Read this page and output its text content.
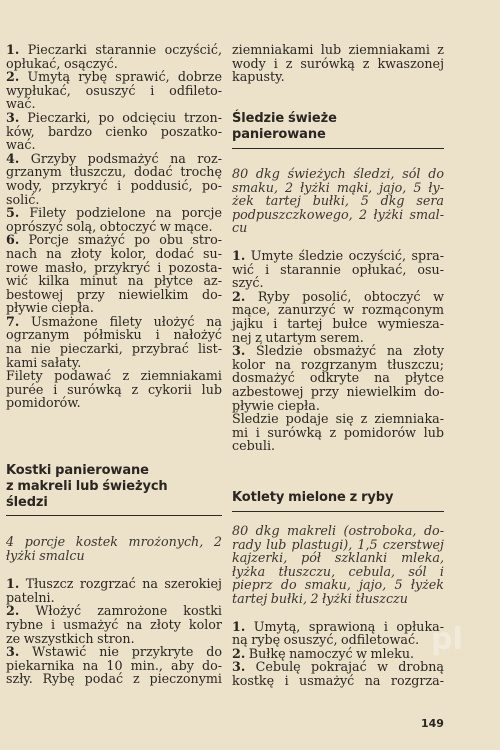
1. Pieczarki starannie oczyścić,
opłukać, osączyć.

2. Umytą rybę sprawić, dobrze
wypłukać, osuszyć i odfileto-
wać.

3. Pieczarki, po odcięciu trzon-
ków, bardzo cienko poszatko-
wać.

4. Grzyby podsmażyć na roz-
grzanym tłuszczu, dodać trochę
wody, przykryć i poddusić, po-
solić.

5. Filety podzielone na porcje
oprószyć solą, obtoczyć w mące.

6. Porcje smażyć po obu stro-
nach na złoty kolor, dodać su-
rowe masło, przykryć i pozosta-
wić kilka minut na płytce az-
bestowej przy niewielkim do-
pływie ciepła.

7. Usmażone filety ułożyć na
ogrzanym półmisku i nałożyć
na nie pieczarki, przybrać list-
kami sałaty.

Filety podawać z ziemniakami
purée i surówką z cykorii lub
pomidorów.

Kostki panierowane
z makreli lub świeżych
śledzi

4 porcje kostek mrożonych, 2
łyżki smalcu

1. Tłuszcz rozgrzać na szerokiej
patelni.

2. Włożyć zamrożone kostki
rybne i usmażyć na złoty kolor
ze wszystkich stron.

3. Wstawić nie przykryte do
piekarnika na 10 min., aby do-
szły. Rybę podać z pieczonymi

ziemniakami lub ziemniakami z
wody i z surówką z kwaszonej
kapusty.

Śledzie świeże
panierowane

80 dkg świeżych śledzi, sól do
smaku, 2 łyżki mąki, jajo, 5 ły-
żek tartej bułki, 5 dkg sera
podpuszczkowego, 2 łyżki smal-
cu

1. Umyte śledzie oczyścić, spra-
wić i starannie opłukać, osu-
szyć.

2. Ryby posolić, obtoczyć w
mące, zanurzyć w rozmąconym
jajku i tartej bułce wymiesza-
nej z utartym serem.

3. Śledzie obsmażyć na złoty
kolor na rozgrzanym tłuszczu;
dosmażyć odkryte na płytce
azbestowej przy niewielkim do-
pływie ciepła.

Śledzie podaje się z ziemniaka-
mi i surówką z pomidorów lub
cebuli.

Kotlety mielone z ryby

80 dkg makreli (ostroboka, do-
rady lub plastugi), 1,5 czerstwej
kajzerki, pół szklanki mleka,
łyżka tłuszczu, cebula, sól i
pieprz do smaku, jajo, 5 łyżek
tartej bułki, 2 łyżki tłuszczu

1. Umytą, sprawioną i opłuka-
ną rybę osuszyć, odfiletować.

2. Bułkę namoczyć w mleku.

3. Cebulę pokrajać w drobną
kostkę i usmażyć na rozgrza-

pl
149
